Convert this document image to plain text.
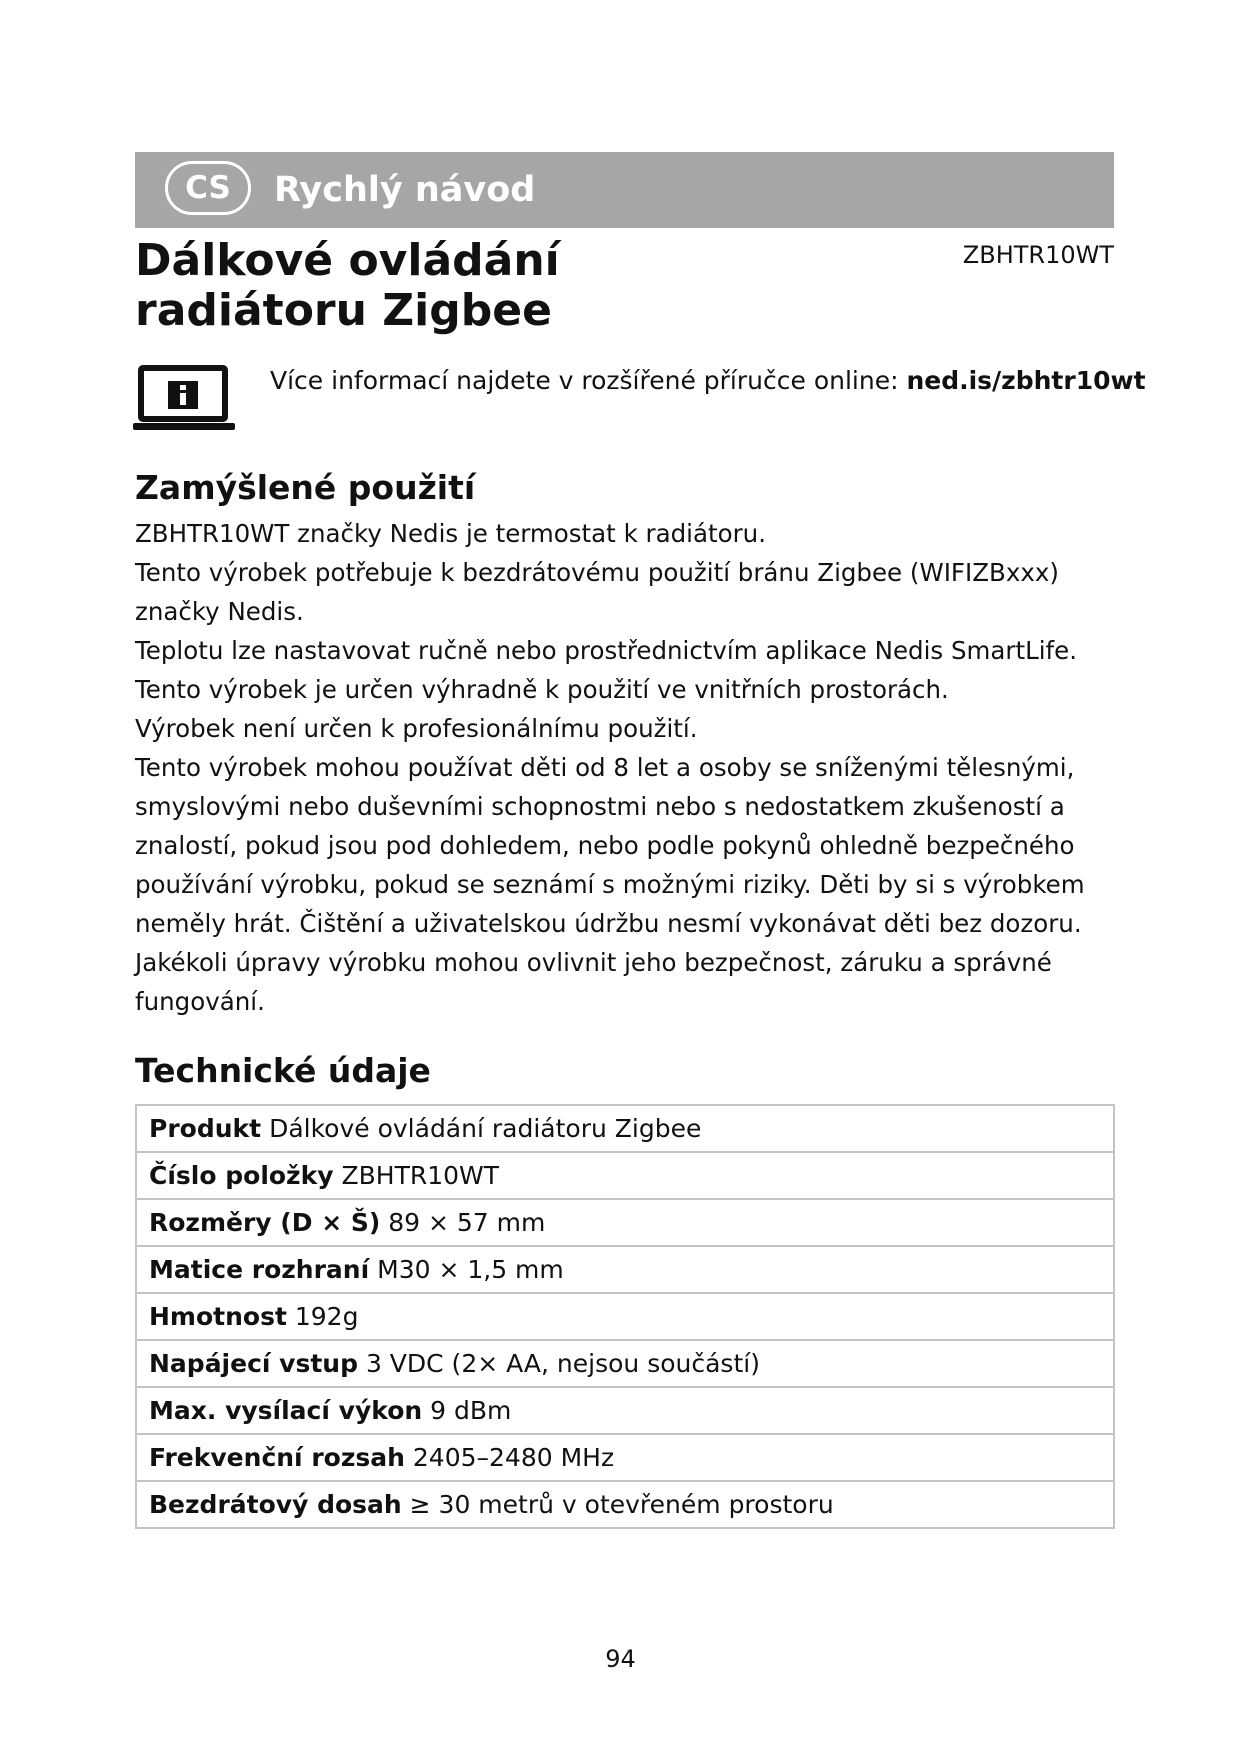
CS	Rychlý návod
Dálkové ovládání radiátoru Zigbee
ZBHTR10WT
Více informací najdete v rozšířené příručce online: ned.is/zbhtr10wt
Zamýšlené použití

ZBHTR10WT značky Nedis je termostat k radiátoru.

Tento výrobek potřebuje k bezdrátovému použití bránu Zigbee (WIFIZBxxx) značky Nedis.

Teplotu lze nastavovat ručně nebo prostřednictvím aplikace Nedis SmartLife.

Tento výrobek je určen výhradně k použití ve vnitřních prostorách.

Výrobek není určen k profesionálnímu použití.

Tento výrobek mohou používat děti od 8 let a osoby se sníženými tělesnými, smyslovými nebo duševními schopnostmi nebo s nedostatkem zkušeností a znalostí, pokud jsou pod dohledem, nebo podle pokynů ohledně bezpečného používání výrobku, pokud se seznámí s možnými riziky. Děti by si s výrobkem neměly hrát. Čištění a uživatelskou údržbu nesmí vykonávat děti bez dozoru.

Jakékoli úpravy výrobku mohou ovlivnit jeho bezpečnost, záruku a správné fungování.

Technické údaje
Produkt Dálkové ovládání radiátoru Zigbee
Číslo položky ZBHTR10WT
Rozměry (D × Š) 89 × 57 mm
Matice rozhraní M30 × 1,5 mm
Hmotnost 192g
Napájecí vstup 3 VDC (2× AA, nejsou součástí)
Max. vysílací výkon 9 dBm
Frekvenční rozsah 2405–2480 MHz
Bezdrátový dosah ≥ 30 metrů v otevřeném prostoru
94
